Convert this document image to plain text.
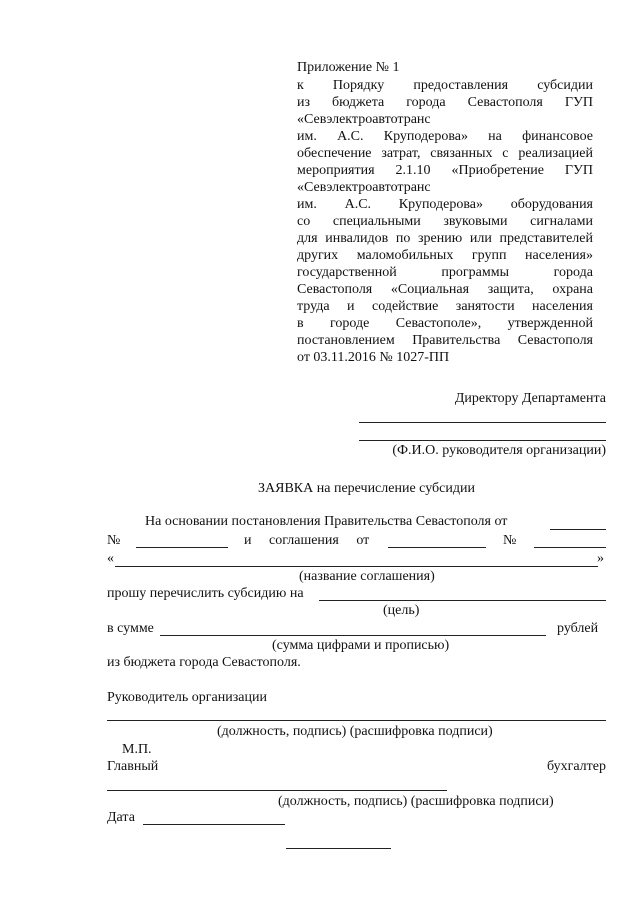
Приложение № 1
к Порядку предоставления субсидии
из бюджета города Севастополя ГУП
«Севэлектроавтотранс
им. А.С. Круподерова» на финансовое
обеспечение затрат, связанных с реализацией
мероприятия 2.1.10 «Приобретение ГУП
«Севэлектроавтотранс
им. А.С. Круподерова» оборудования
со специальными звуковыми сигналами
для инвалидов по зрению или представителей
других маломобильных групп населения»
государственной программы города
Севастополя «Социальная защита, охрана
труда и содействие занятости населения
в городе Севастополе», утвержденной
постановлением Правительства Севастополя
от 03.11.2016 № 1027-ПП
Директору Департамента
(Ф.И.О. руководителя организации)
ЗАЯВКА на перечисление субсидии
На основании постановления Правительства Севастополя от
№	и соглашения от	№
«	»
(название соглашения)
прошу перечислить субсидию на
(цель)
в сумме	рублей
(сумма цифрами и прописью)
из бюджета города Севастополя.
Руководитель организации
(должность, подпись) (расшифровка подписи)
М.П.
Главный	бухгалтер
(должность, подпись) (расшифровка подписи)
Дата
